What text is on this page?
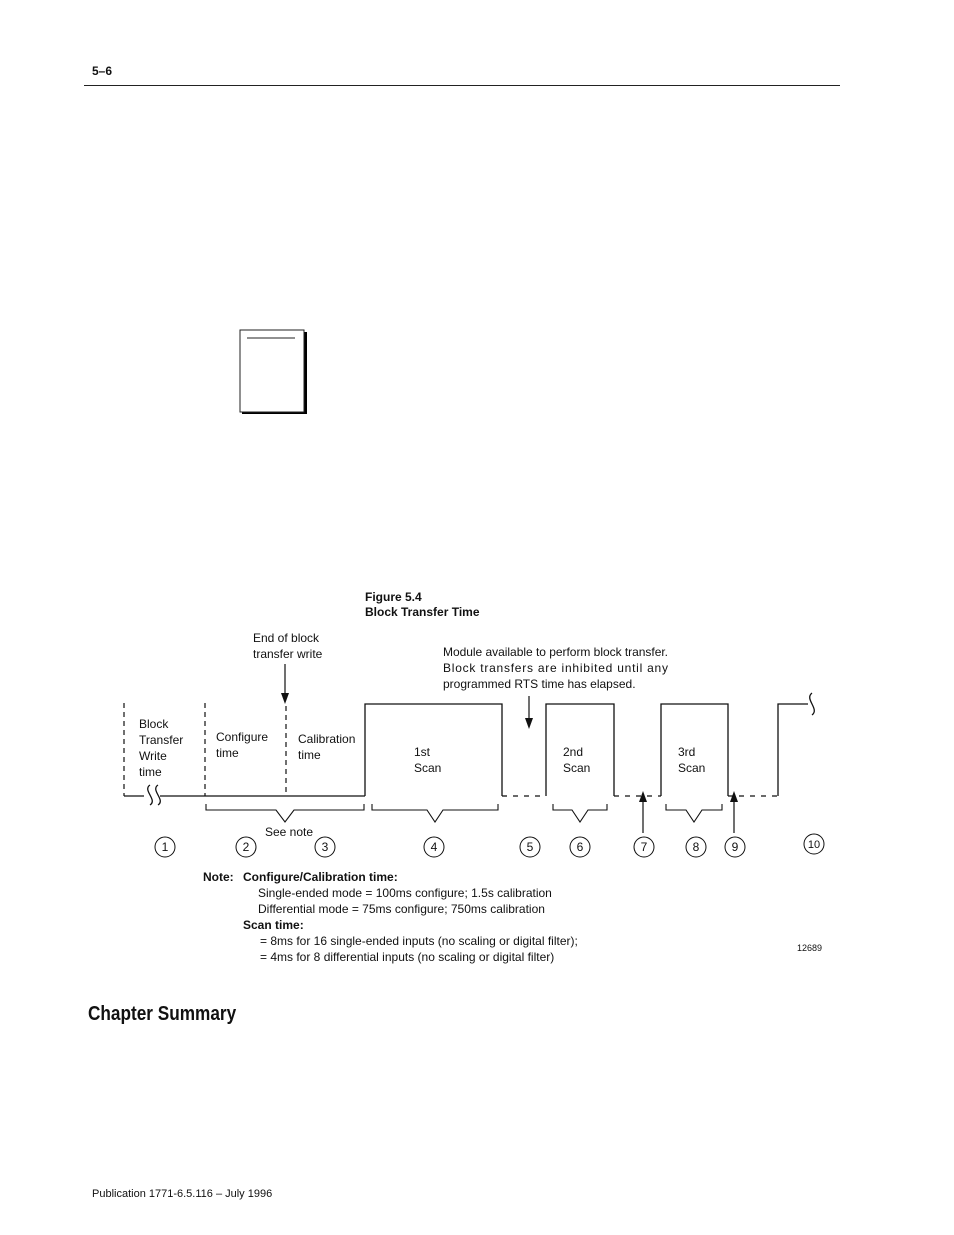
5–6
Figure 5.4
Block Transfer Time
End of block
transfer write	Module available to perform block transfer.
Block transfers are inhibited until any
programmed RTS time has elapsed.
Block
Transfer
Write
time
Configure
time
Calibration
time	1st
Scan
2nd
Scan
3rd
Scan
See note
1	2	3	4	5	6	7	8	9	10
Note: Configure/Calibration time:
Single-ended mode = 100ms configure; 1.5s calibration
Differential mode = 75ms configure; 750ms calibration
Scan time:
= 8ms for 16 single-ended inputs (no scaling or digital filter);
= 4ms for 8 differential inputs (no scaling or digital filter)
12689
Chapter Summary
Publication 1771-6.5.116 – July 1996
